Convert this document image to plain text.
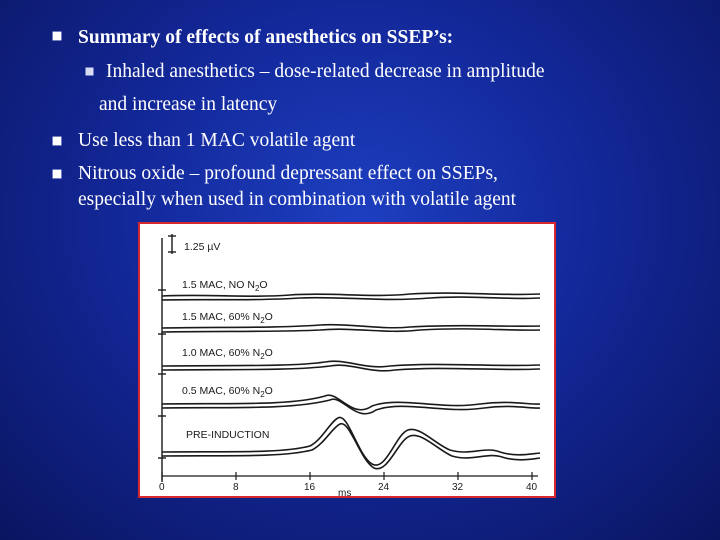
Summary of effects of anesthetics on SSEP’s:
Inhaled anesthetics – dose-related decrease in amplitude
and increase in latency
Use less than 1 MAC volatile agent
Nitrous oxide – profound depressant effect on SSEPs,
especially when used in combination with volatile agent
1.25 µV
1.5 MAC, NO $N_2O$
1.5 MAC, 60% $N_2O$
1.0 MAC, 60% $N_2O$
0.5 MAC, 60% $N_2O$
PRE-INDUCTION
0	8	16	24	32	40
ms
